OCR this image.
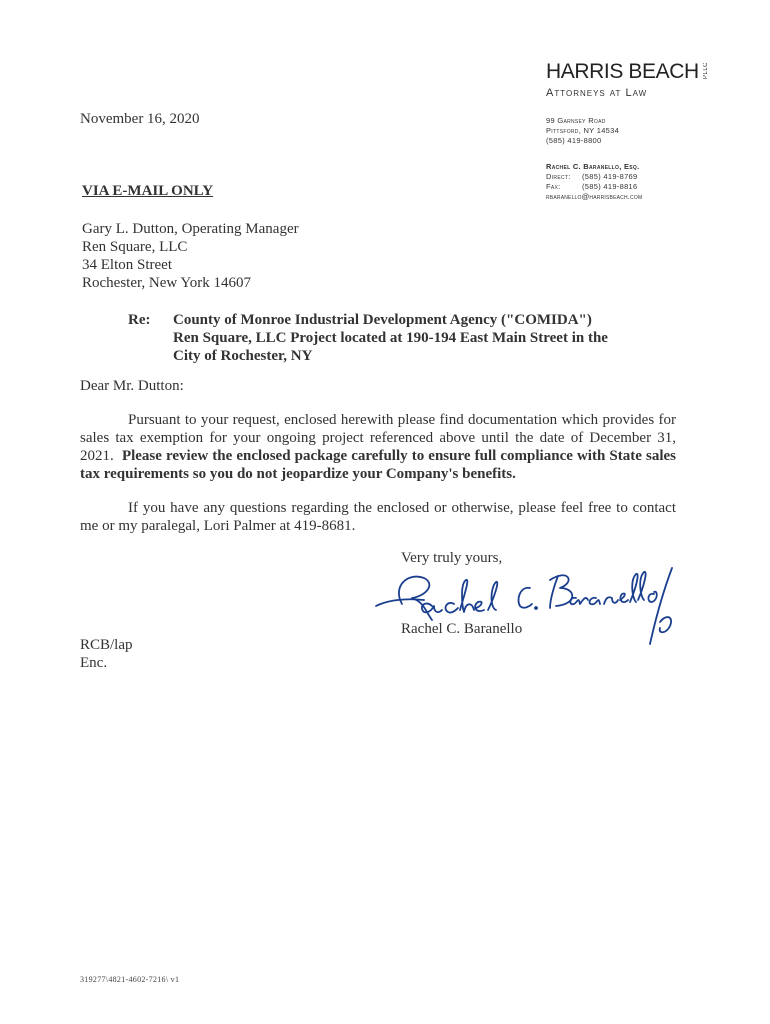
HARRIS BEACH PLLC
Attorneys at Law
99 Garnsey Road
Pittsford, NY 14534
(585) 419-8800
Rachel C. Baranello, Esq.
Direct: (585) 419-8769
Fax:	(585) 419-8816
rbaranello@harrisbeach.com
November 16, 2020
VIA E-MAIL ONLY
Gary L. Dutton, Operating Manager
Ren Square, LLC
34 Elton Street
Rochester, New York 14607
Re: County of Monroe Industrial Development Agency ("COMIDA")
Ren Square, LLC Project located at 190-194 East Main Street in the
City of Rochester, NY
Dear Mr. Dutton:
Pursuant to your request, enclosed herewith please find documentation which provides for sales tax exemption for your ongoing project referenced above until the date of December 31, 2021. Please review the enclosed package carefully to ensure full compliance with State sales tax requirements so you do not jeopardize your Company's benefits.
If you have any questions regarding the enclosed or otherwise, please feel free to contact me or my paralegal, Lori Palmer at 419-8681.
Very truly yours,
Rachel C. Baranello
RCB/lap
Enc.
319277\4821-4602-7216\ v1
